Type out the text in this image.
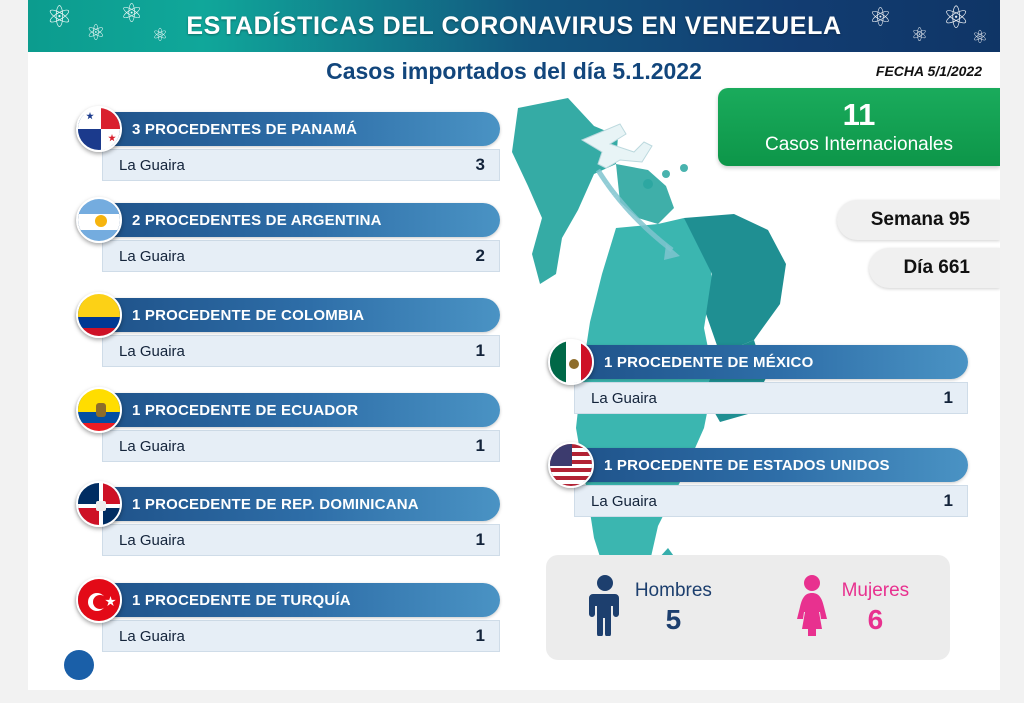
⚛ ⚛
⚛
⚛
⚛
⚛
⚛
⚛
ESTADÍSTICAS DEL CORONAVIRUS EN VENEZUELA
Casos importados del día 5.1.2022	FECHA 5/1/2022
11
Casos Internacionales
Semana 95
Día 661
3 PROCEDENTES DE PANAMÁ
La Guaira	3
2 PROCEDENTES DE ARGENTINA
La Guaira	2
1 PROCEDENTE DE COLOMBIA
La Guaira	1
1 PROCEDENTE DE ECUADOR
La Guaira	1
1 PROCEDENTE DE REP. DOMINICANA
La Guaira	1
1 PROCEDENTE DE TURQUÍA
La Guaira	1
1 PROCEDENTE DE MÉXICO
La Guaira	1
1 PROCEDENTE DE ESTADOS UNIDOS
La Guaira	1
Hombres
5
Mujeres
6
